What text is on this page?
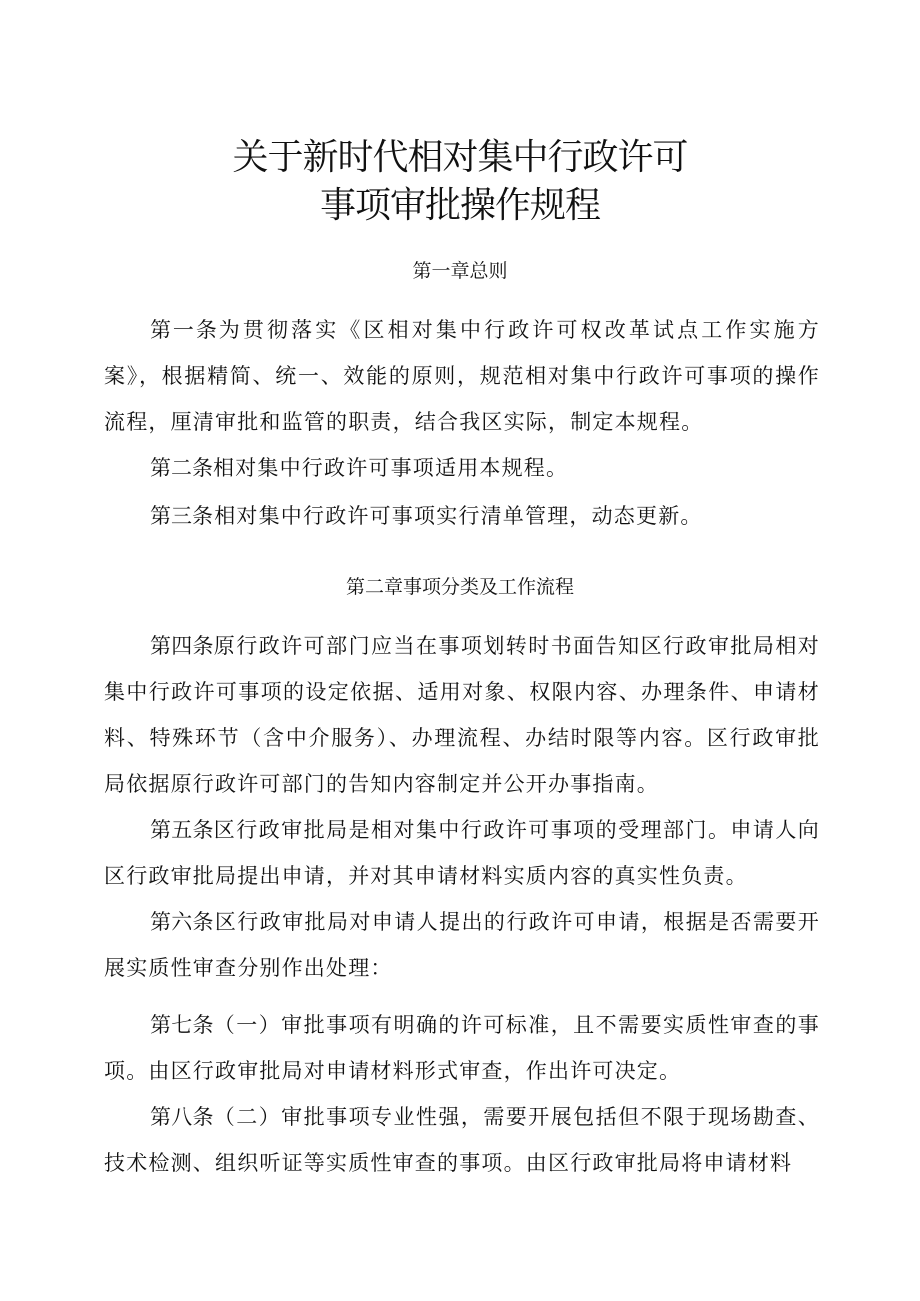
关于新时代相对集中行政许可
事项审批操作规程
第一章总则
第一条为贯彻落实《区相对集中行政许可权改革试点工作实施方案》，根据精简、统一、效能的原则，规范相对集中行政许可事项的操作流程，厘清审批和监管的职责，结合我区实际，制定本规程。
第二条相对集中行政许可事项适用本规程。
第三条相对集中行政许可事项实行清单管理，动态更新。
第二章事项分类及工作流程
第四条原行政许可部门应当在事项划转时书面告知区行政审批局相对集中行政许可事项的设定依据、适用对象、权限内容、办理条件、申请材料、特殊环节（含中介服务）、办理流程、办结时限等内容。区行政审批局依据原行政许可部门的告知内容制定并公开办事指南。
第五条区行政审批局是相对集中行政许可事项的受理部门。申请人向区行政审批局提出申请，并对其申请材料实质内容的真实性负责。
第六条区行政审批局对申请人提出的行政许可申请，根据是否需要开展实质性审查分别作出处理：
第七条（一）审批事项有明确的许可标准，且不需要实质性审查的事项。由区行政审批局对申请材料形式审查，作出许可决定。
第八条（二）审批事项专业性强，需要开展包括但不限于现场勘查、技术检测、组织听证等实质性审查的事项。由区行政审批局将申请材料
